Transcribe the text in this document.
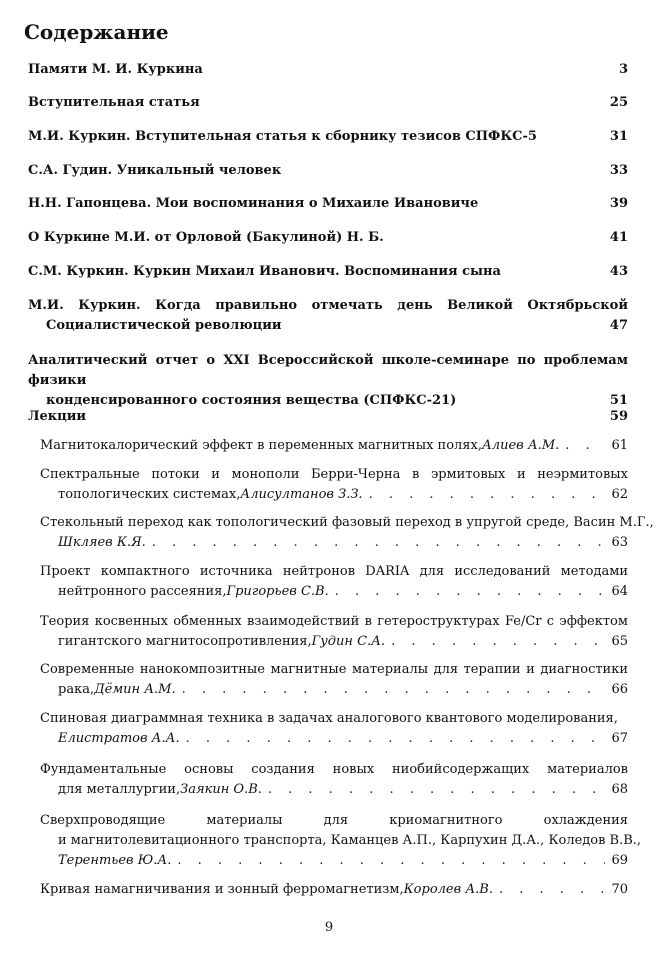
Содержание
Памяти М. И. Куркина	3
Вступительная статья	25
М.И. Куркин. Вступительная статья к сборнику тезисов СПФКС-5	31
С.А. Гудин. Уникальный человек	33
Н.Н. Гапонцева. Мои воспоминания о Михаиле Ивановиче	39
О Куркине М.И. от Орловой (Бакулиной) Н. Б.	41
С.М. Куркин. Куркин Михаил Иванович. Воспоминания сына	43
М.И. Куркин. Когда правильно отмечать день Великой Октябрьской
Социалистической революции	47
Аналитический отчет о XXI Всероссийской школе-семинаре по проблемам физики
конденсированного состояния вещества (СПФКС-21)	51
Лекции	59
Магнитокалорический эффект в переменных магнитных полях, Алиев А.М. . . .	61
Спектральные потоки и монополи Берри-Черна в эрмитовых и неэрмитовых
топологических системах, Алисултанов З.З. . . .	62
Стекольный переход как топологический фазовый переход в упругой среде, Васин М.Г.,
Шкляев К.Я. . . .	63
Проект компактного источника нейтронов DARIA для исследований методами
нейтронного рассеяния, Григорьев С.В. . . .	64
Теория косвенных обменных взаимодействий в гетероструктурах Fe/Cr с эффектом
гигантского магнитосопротивления, Гудин С.А. . . .	65
Современные нанокомпозитные магнитные материалы для терапии и диагностики
рака, Дёмин А.М. . . .	66
Спиновая диаграммная техника в задачах аналогового квантового моделирования,
Елистратов А.А. . . .	67
Фундаментальные основы создания новых ниобийсодержащих материалов
для металлургии, Заякин О.В. . . .	68
Сверхпроводящие материалы для криомагнитного охлаждения
и магнитолевитационного транспорта, Каманцев А.П., Карпухин Д.А., Коледов В.В.,
Терентьев Ю.А. . . .	69
Кривая намагничивания и зонный ферромагнетизм, Королев А.В. . . .	70
9
